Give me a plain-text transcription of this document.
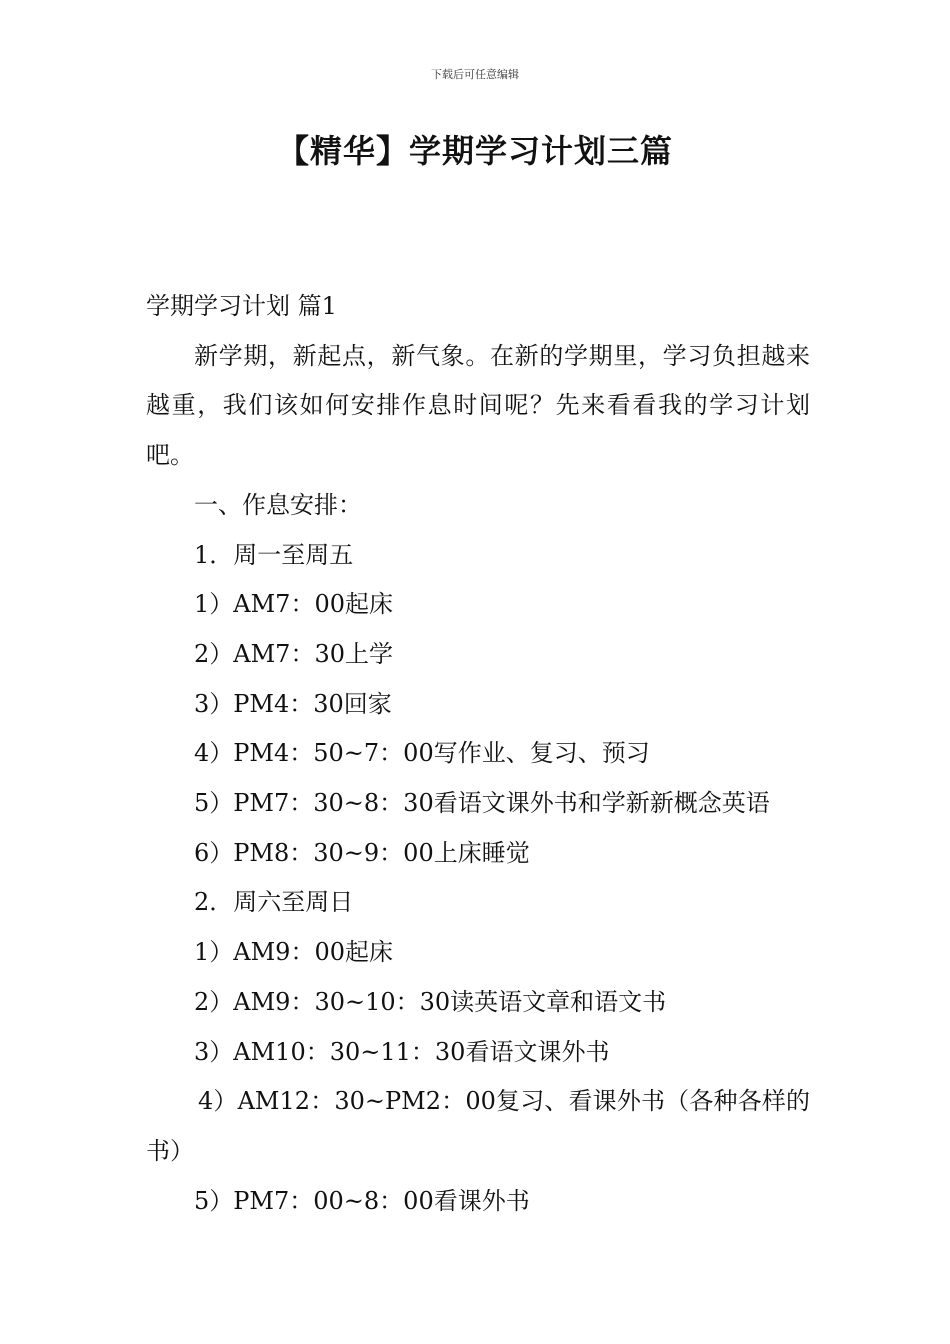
下载后可任意编辑
【精华】学期学习计划三篇

学期学习计划 篇1

新学期，新起点，新气象。在新的学期里，学习负担越来越重，我们该如何安排作息时间呢？先来看看我的学习计划吧。

一、作息安排：

1．周一至周五

1）AM7：00起床

2）AM7：30上学

3）PM4：30回家

4）PM4：50~7：00写作业、复习、预习

5）PM7：30~8：30看语文课外书和学新新概念英语

6）PM8：30~9：00上床睡觉

2．周六至周日

1）AM9：00起床

2）AM9：30~10：30读英语文章和语文书

3）AM10：30~11：30看语文课外书

4）AM12：30~PM2：00复习、看课外书（各种各样的书）

5）PM7：00~8：00看课外书
